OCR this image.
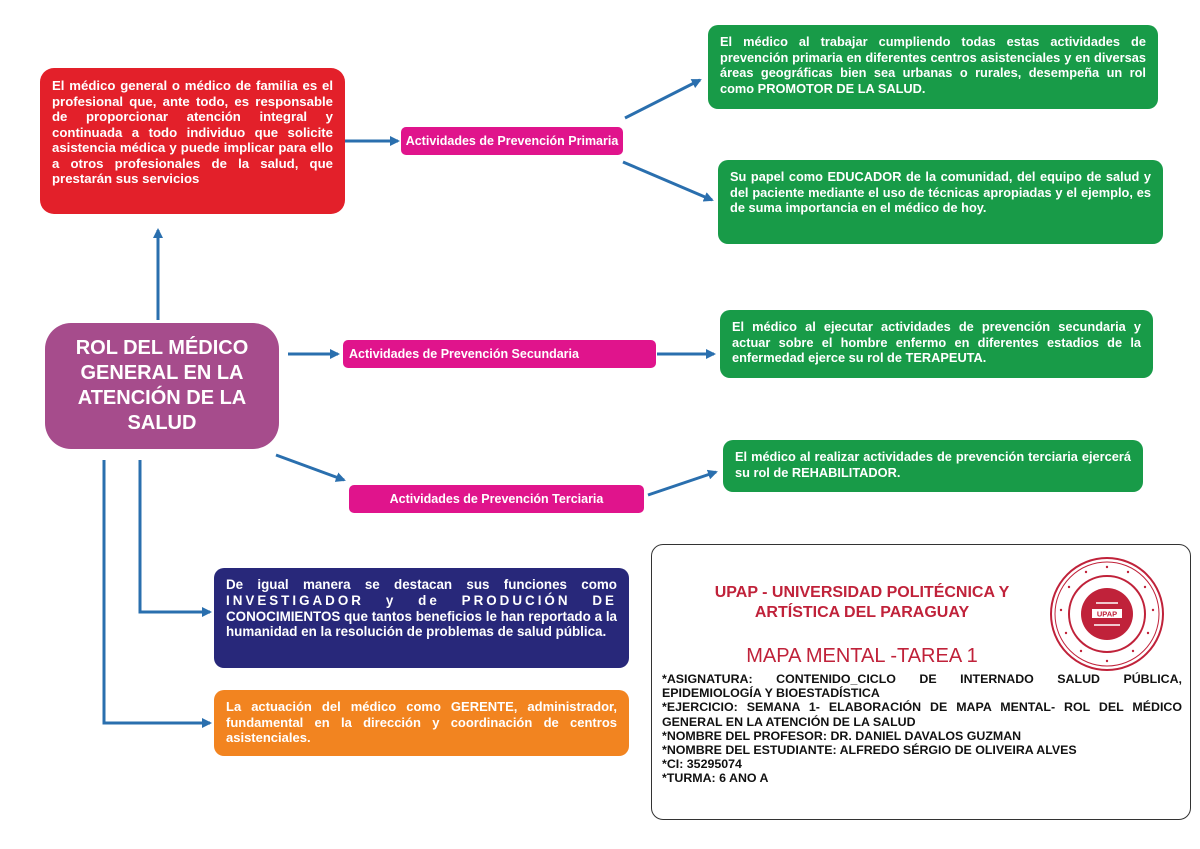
El médico general o médico de familia es el profesional que, ante todo, es responsable de proporcionar atención integral y continuada a todo individuo que solicite asistencia médica y puede implicar para ello a otros profesionales de la salud, que prestarán sus servicios
Actividades de Prevención Primaria
El médico al trabajar cumpliendo todas estas actividades de prevención primaria en diferentes centros asistenciales y en diversas áreas geográficas bien sea urbanas o rurales, desempeña un rol como PROMOTOR DE LA SALUD.
Su papel como EDUCADOR de la comunidad, del equipo de salud y del paciente mediante el uso de técnicas apropiadas y el ejemplo, es de suma importancia en el médico de hoy.
ROL DEL MÉDICO GENERAL EN LA ATENCIÓN DE LA SALUD
Actividades de Prevención Secundaria
El médico al ejecutar actividades de prevención secundaria y actuar sobre el hombre enfermo en diferentes estadios de la enfermedad ejerce su rol de TERAPEUTA.
Actividades de Prevención Terciaria
El médico al realizar actividades de prevención terciaria ejercerá su rol de REHABILITADOR.
De igual manera se destacan sus funciones como INVESTIGADOR y de PRODUCIÓN DE CONOCIMIENTOS que tantos beneficios le han reportado a la humanidad en la resolución de problemas de salud pública.
La actuación del médico como GERENTE, administrador, fundamental en la dirección y coordinación de centros asistenciales.
UPAP - UNIVERSIDAD POLITÉCNICA Y
ARTÍSTICA DEL PARAGUAY	UPAP
MAPA MENTAL -TAREA 1
*ASIGNATURA: CONTENIDO_CICLO DE INTERNADO SALUD PÚBLICA, EPIDEMIOLOGÍA Y BIOESTADÍSTICA
*EJERCICIO: SEMANA 1- ELABORACIÓN DE MAPA MENTAL- ROL DEL MÉDICO GENERAL EN LA ATENCIÓN DE LA SALUD
*NOMBRE DEL PROFESOR: DR. DANIEL DAVALOS GUZMAN
*NOMBRE DEL ESTUDIANTE: ALFREDO SÉRGIO DE OLIVEIRA ALVES
*CI: 35295074
*TURMA: 6 ANO A
